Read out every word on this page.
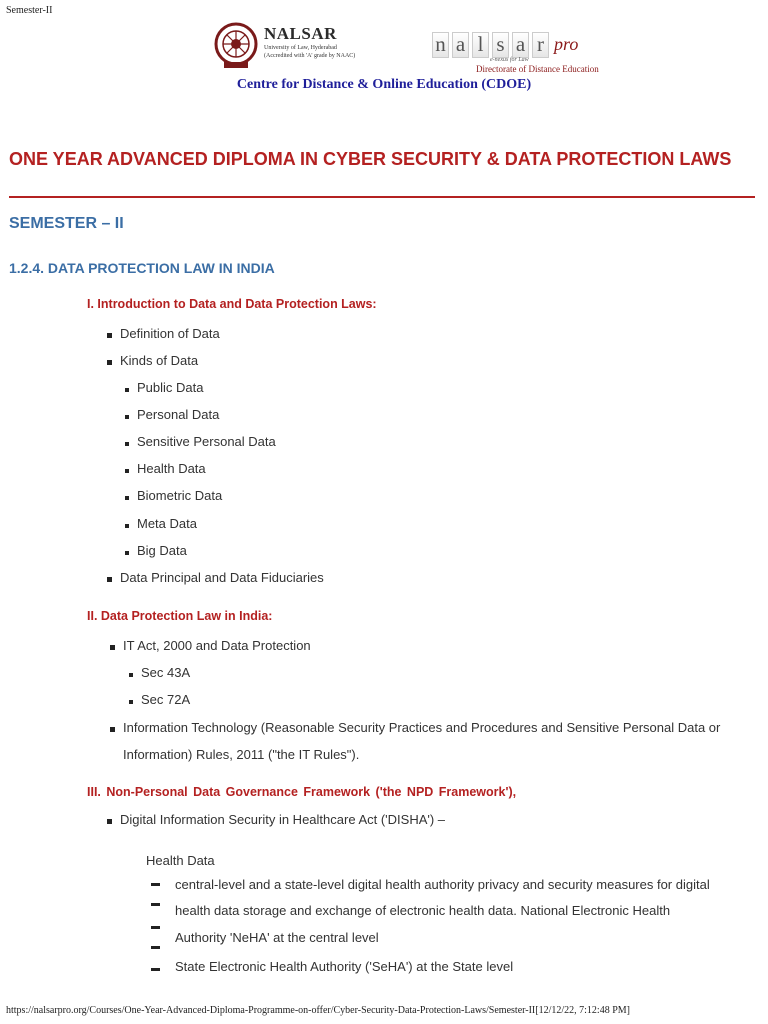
Semester-II
NALSAR
University of Law, Hyderabad
(Accredited with 'A' grade by NAAC)	n a l s a r pro
e-nexus for Law
Directorate of Distance Education
Centre for Distance & Online Education (CDOE)
ONE YEAR ADVANCED DIPLOMA IN CYBER SECURITY & DATA PROTECTION LAWS
SEMESTER – II
1.2.4. DATA PROTECTION LAW IN INDIA
I. Introduction to Data and Data Protection Laws:
Definition of Data
Kinds of Data
Public Data
Personal Data
Sensitive Personal Data
Health Data
Biometric Data
Meta Data
Big Data
Data Principal and Data Fiduciaries
II. Data Protection Law in India:
IT Act, 2000 and Data Protection
Sec 43A
Sec 72A
Information Technology (Reasonable Security Practices and Procedures and Sensitive Personal Data or
Information) Rules, 2011 ("the IT Rules").
III. Non-Personal Data Governance Framework ('the NPD Framework'),
Digital Information Security in Healthcare Act ('DISHA') –
Health Data
central-level and a state-level digital health authority privacy and security measures for digital
health data storage and exchange of electronic health data. National Electronic Health
Authority 'NeHA' at the central level
State Electronic Health Authority ('SeHA') at the State level
https://nalsarpro.org/Courses/One-Year-Advanced-Diploma-Programme-on-offer/Cyber-Security-Data-Protection-Laws/Semester-II[12/12/22, 7:12:48 PM]
